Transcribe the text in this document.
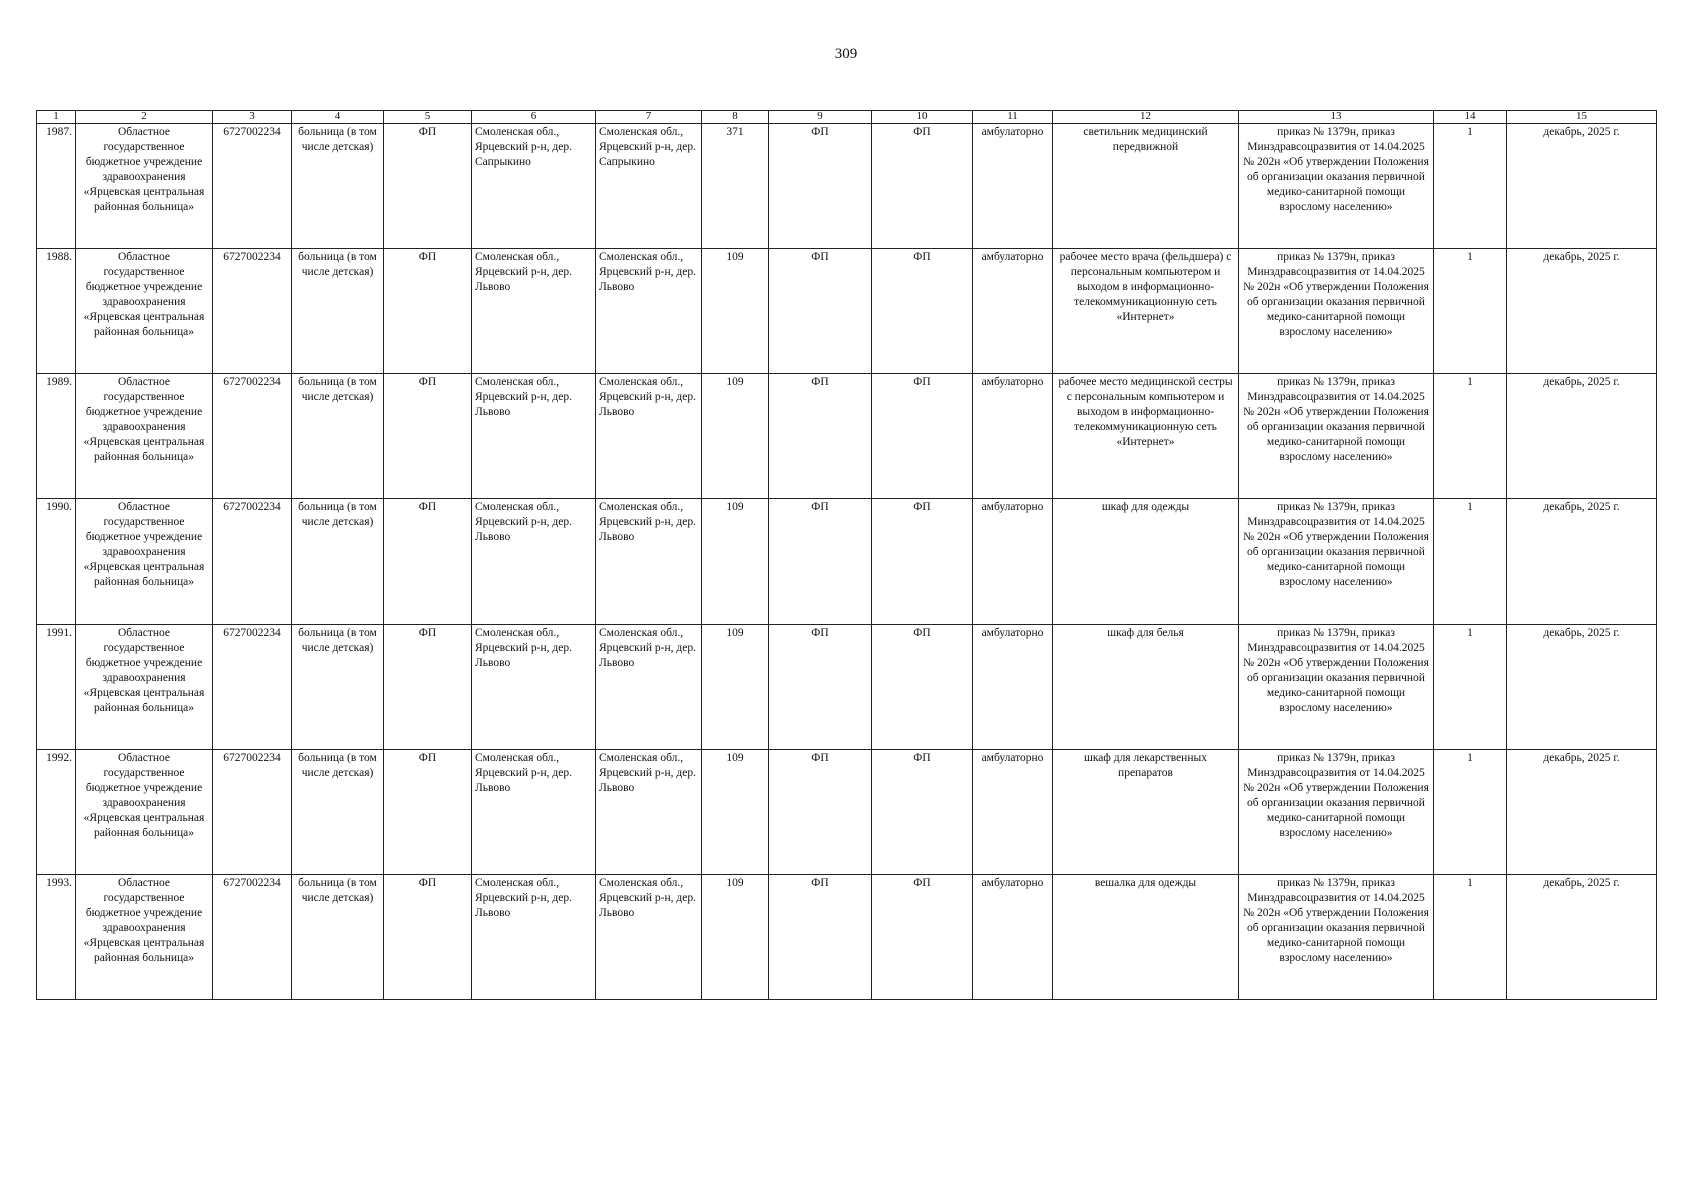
309
1	2	3	4	5	6	7	8	9	10	11	12	13	14	15
1987.	Областное государственное бюджетное учреждение здравоохранения «Ярцевская центральная районная больница»	6727002234	больница (в том числе детская)	ФП	Смоленская обл., Ярцевский р-н, дер. Сапрыкино	Смоленская обл., Ярцевский р-н, дер. Сапрыкино	371	ФП	ФП	амбулаторно	светильник медицинский передвижной	приказ № 1379н, приказ Минздравсоцразвития от 14.04.2025 № 202н «Об утверждении Положения об организации оказания первичной медико-санитарной помощи взрослому населению»	1	декабрь, 2025 г.
1988.	Областное государственное бюджетное учреждение здравоохранения «Ярцевская центральная районная больница»	6727002234	больница (в том числе детская)	ФП	Смоленская обл., Ярцевский р-н, дер. Львово	Смоленская обл., Ярцевский р-н, дер. Львово	109	ФП	ФП	амбулаторно	рабочее место врача (фельдшера) с персональным компьютером и выходом в информационно-телекоммуникационную сеть «Интернет»	приказ № 1379н, приказ Минздравсоцразвития от 14.04.2025 № 202н «Об утверждении Положения об организации оказания первичной медико-санитарной помощи взрослому населению»	1	декабрь, 2025 г.
1989.	Областное государственное бюджетное учреждение здравоохранения «Ярцевская центральная районная больница»	6727002234	больница (в том числе детская)	ФП	Смоленская обл., Ярцевский р-н, дер. Львово	Смоленская обл., Ярцевский р-н, дер. Львово	109	ФП	ФП	амбулаторно	рабочее место медицинской сестры с персональным компьютером и выходом в информационно-телекоммуникационную сеть «Интернет»	приказ № 1379н, приказ Минздравсоцразвития от 14.04.2025 № 202н «Об утверждении Положения об организации оказания первичной медико-санитарной помощи взрослому населению»	1	декабрь, 2025 г.
1990.	Областное государственное бюджетное учреждение здравоохранения «Ярцевская центральная районная больница»	6727002234	больница (в том числе детская)	ФП	Смоленская обл., Ярцевский р-н, дер. Львово	Смоленская обл., Ярцевский р-н, дер. Львово	109	ФП	ФП	амбулаторно	шкаф для одежды	приказ № 1379н, приказ Минздравсоцразвития от 14.04.2025 № 202н «Об утверждении Положения об организации оказания первичной медико-санитарной помощи взрослому населению»	1	декабрь, 2025 г.
1991.	Областное государственное бюджетное учреждение здравоохранения «Ярцевская центральная районная больница»	6727002234	больница (в том числе детская)	ФП	Смоленская обл., Ярцевский р-н, дер. Львово	Смоленская обл., Ярцевский р-н, дер. Львово	109	ФП	ФП	амбулаторно	шкаф для белья	приказ № 1379н, приказ Минздравсоцразвития от 14.04.2025 № 202н «Об утверждении Положения об организации оказания первичной медико-санитарной помощи взрослому населению»	1	декабрь, 2025 г.
1992.	Областное государственное бюджетное учреждение здравоохранения «Ярцевская центральная районная больница»	6727002234	больница (в том числе детская)	ФП	Смоленская обл., Ярцевский р-н, дер. Львово	Смоленская обл., Ярцевский р-н, дер. Львово	109	ФП	ФП	амбулаторно	шкаф для лекарственных препаратов	приказ № 1379н, приказ Минздравсоцразвития от 14.04.2025 № 202н «Об утверждении Положения об организации оказания первичной медико-санитарной помощи взрослому населению»	1	декабрь, 2025 г.
1993.	Областное государственное бюджетное учреждение здравоохранения «Ярцевская центральная районная больница»	6727002234	больница (в том числе детская)	ФП	Смоленская обл., Ярцевский р-н, дер. Львово	Смоленская обл., Ярцевский р-н, дер. Львово	109	ФП	ФП	амбулаторно	вешалка для одежды	приказ № 1379н, приказ Минздравсоцразвития от 14.04.2025 № 202н «Об утверждении Положения об организации оказания первичной медико-санитарной помощи взрослому населению»	1	декабрь, 2025 г.
